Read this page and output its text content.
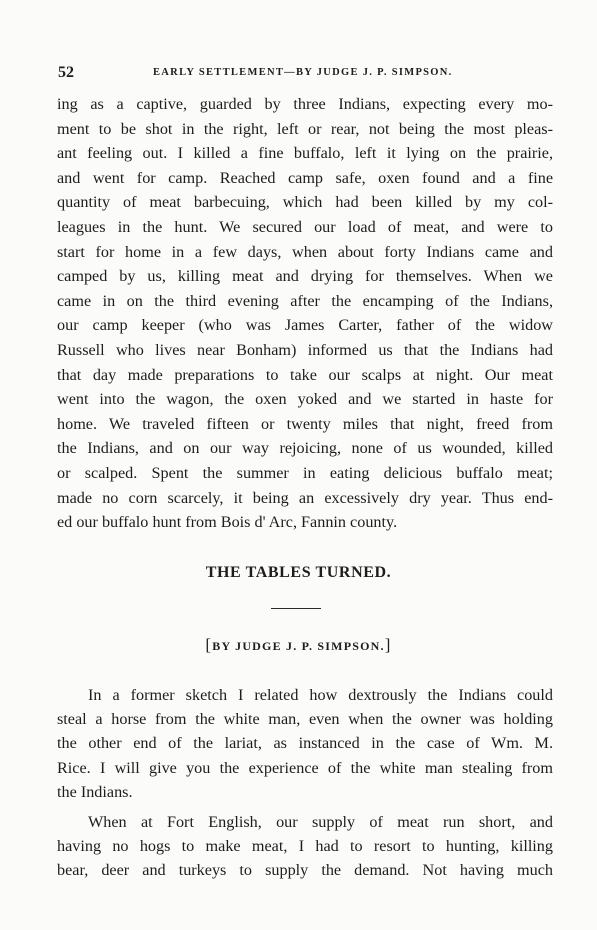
52	EARLY SETTLEMENT—BY JUDGE J. P. SIMPSON.
ing as a captive, guarded by three Indians, expecting every mo-
ment to be shot in the right, left or rear, not being the most pleas-
ant feeling out. I killed a fine buffalo, left it lying on the prairie,
and went for camp. Reached camp safe, oxen found and a fine
quantity of meat barbecuing, which had been killed by my col-
leagues in the hunt. We secured our load of meat, and were to
start for home in a few days, when about forty Indians came and
camped by us, killing meat and drying for themselves. When we
came in on the third evening after the encamping of the Indians,
our camp keeper (who was James Carter, father of the widow
Russell who lives near Bonham) informed us that the Indians had
that day made preparations to take our scalps at night. Our meat
went into the wagon, the oxen yoked and we started in haste for
home. We traveled fifteen or twenty miles that night, freed from
the Indians, and on our way rejoicing, none of us wounded, killed
or scalped. Spent the summer in eating delicious buffalo meat;
made no corn scarcely, it being an excessively dry year. Thus end-
ed our buffalo hunt from Bois d' Arc, Fannin county.
THE TABLES TURNED.
[BY JUDGE J. P. SIMPSON.]
In a former sketch I related how dextrously the Indians could
steal a horse from the white man, even when the owner was holding
the other end of the lariat, as instanced in the case of Wm. M.
Rice. I will give you the experience of the white man stealing from
the Indians.
When at Fort English, our supply of meat run short, and
having no hogs to make meat, I had to resort to hunting, killing
bear, deer and turkeys to supply the demand. Not having much
